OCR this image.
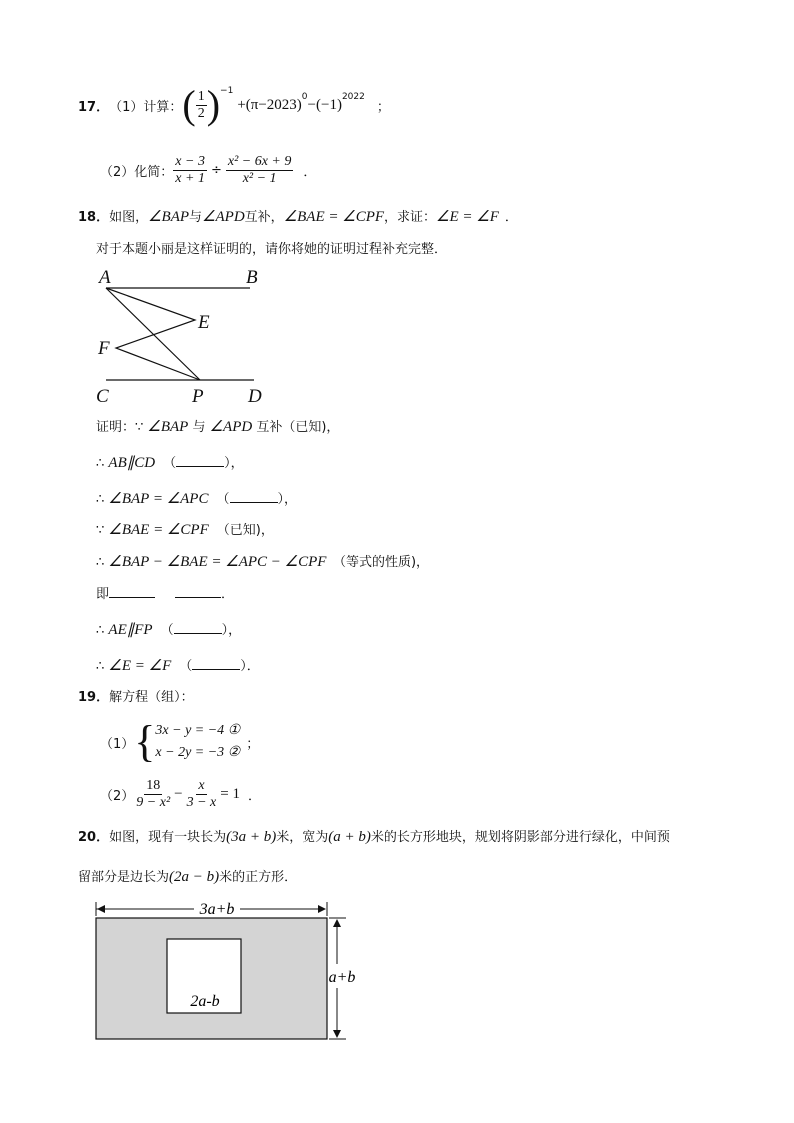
17． （1）计算： ( $\frac{1}{2} )^{-1}$
$+(\pi-2023)^0 -(-1)^{2022}$
；
（2）化简： $\frac{x - 3}{x + 1} \div \frac{\text{x² − 6x + 9}}{\text{x² − 1}}$ ．
18．如图，∠BAP与∠APD互补，∠BAE = ∠CPF，求证：∠E = ∠F ．
对于本题小丽是这样证明的，请你将她的证明过程补充完整．
A	B
E
F
C	P D
证明：∵ ∠BAP 与 ∠APD 互补（已知)，
∴ AB∥CD （	），
∴ ∠BAP = ∠APC （	），
∵ ∠BAE = ∠CPF （已知)，
∴ ∠BAP − ∠BAE = ∠APC − ∠CPF　（等式的性质)，
即	．
∴ AE∥FP （	），
∴ ∠E = ∠F （	）．
19．解方程（组）：
（1） { 3x − y = −4 ①
x − 2y = −3 ②
；
$(2) \frac{18}{\text{9 − x²}} - \frac{x}{3 - x} = 1$ ．
20．如图，现有一块长为(3a + b)米，宽为(a + b)米的长方形地块，规划将阴影部分进行绿化，中间预
留部分是边长为(2a − b)米的正方形．
3a+b
a+b
2a-b
